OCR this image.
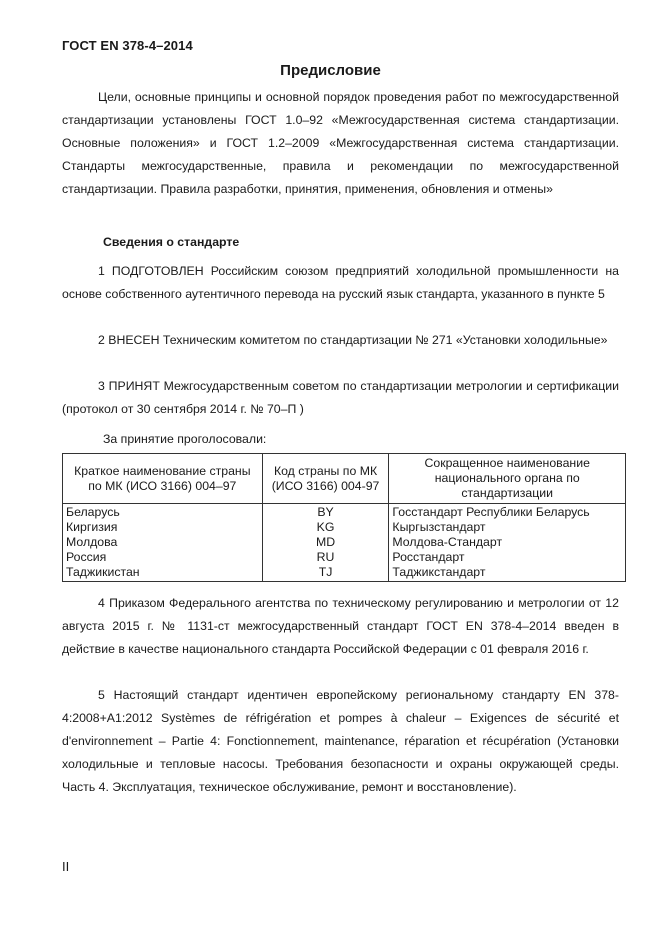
ГОСТ EN 378-4–2014
Предисловие

Цели, основные принципы и основной порядок проведения работ по межгосударственной стандартизации установлены ГОСТ 1.0–92 «Межгосударственная система стандартизации. Основные положения» и ГОСТ 1.2–2009 «Межгосударственная система стандартизации. Стандарты межгосударственные, правила и рекомендации по межгосударственной стандартизации. Правила разработки, принятия, применения, обновления и отмены»

Сведения о стандарте

1 ПОДГОТОВЛЕН Российским союзом предприятий холодильной промышленности на основе собственного аутентичного перевода на русский язык стандарта, указанного в пункте 5

2 ВНЕСЕН Техническим комитетом по стандартизации № 271 «Установки холодильные»

3 ПРИНЯТ Межгосударственным советом по стандартизации метрологии и сертификации (протокол от 30 сентября 2014 г. № 70–П )

За принятие проголосовали:
Краткое наименование страны по МК (ИСО 3166) 004–97	Код страны по МК (ИСО 3166) 004-97	Сокращенное наименование национального органа по стандартизации
Беларусь	BY	Госстандарт Республики Беларусь
Киргизия	KG	Кыргызстандарт
Молдова	MD	Молдова-Стандарт
Россия	RU	Росстандарт
Таджикистан	TJ	Таджикстандарт

4 Приказом Федерального агентства по техническому регулированию и метрологии от 12 августа 2015 г. № 1131-ст межгосударственный стандарт ГОСТ EN 378-4–2014 введен в действие в качестве национального стандарта Российской Федерации с 01 февраля 2016 г.

5 Настоящий стандарт идентичен европейскому региональному стандарту EN 378-4:2008+A1:2012 Systèmes de réfrigération et pompes à chaleur – Exigences de sécurité et d'environnement – Partie 4: Fonctionnement, maintenance, réparation et récupération (Установки холодильные и тепловые насосы. Требования безопасности и охраны окружающей среды. Часть 4. Эксплуатация, техническое обслуживание, ремонт и восстановление).

II
